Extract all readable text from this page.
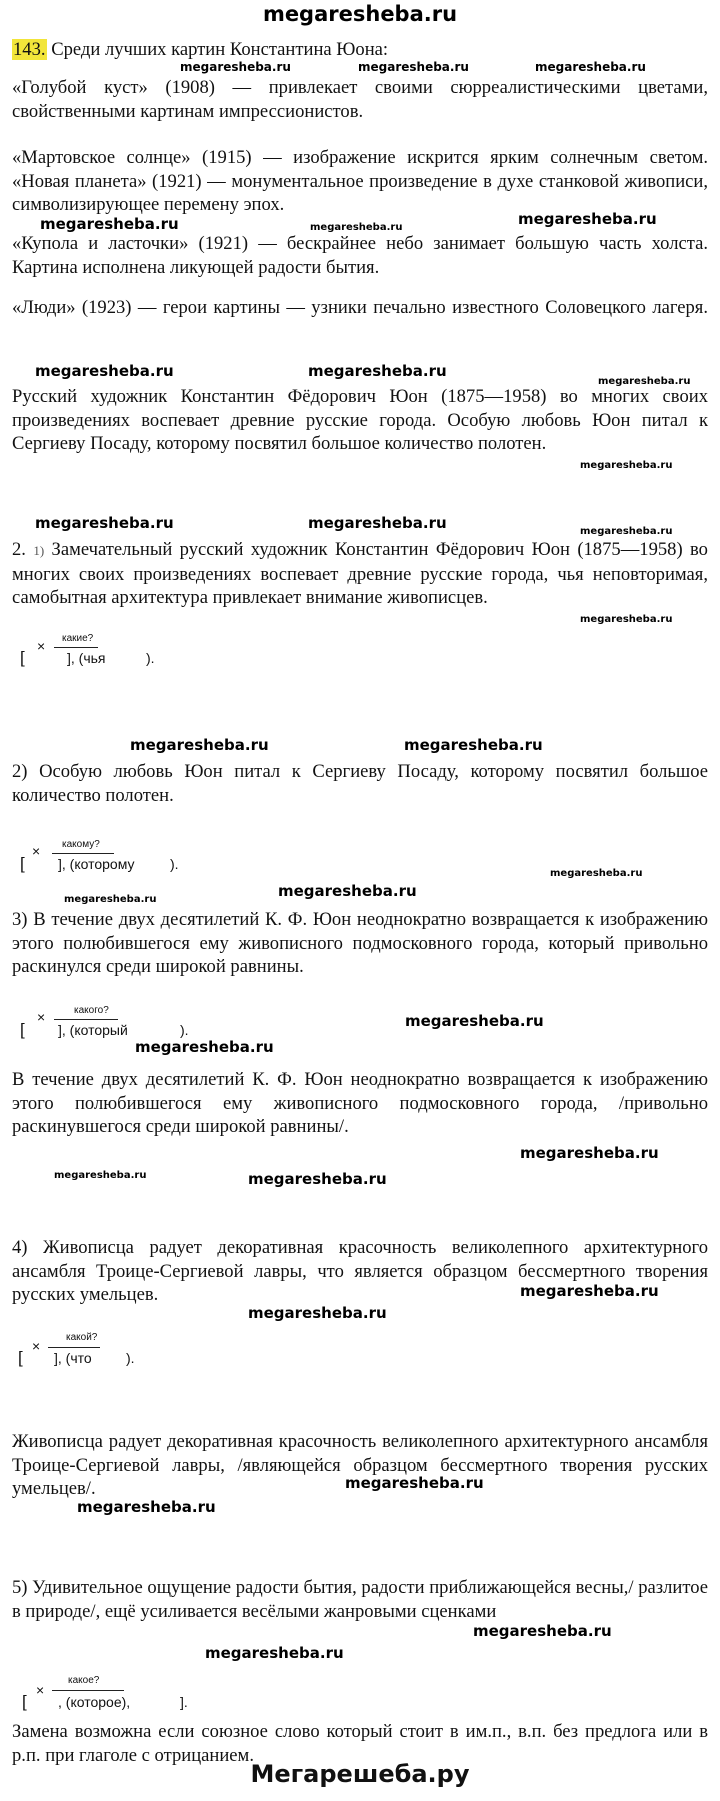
megaresheba.ru
143. Среди лучших картин Константина Юона:
megaresheba.ru	megaresheba.ru	megaresheba.ru
«Голубой куст» (1908) — привлекает своими сюрреалистическими цветами, свойственными картинам импрессионистов.
«Мартовское солнце» (1915) — изображение искрится ярким солнечным светом. «Новая планета» (1921) — монументальное произведение в духе станковой живописи, символизирующее перемену эпох.
megaresheba.ru	megaresheba.ru	megaresheba.ru
«Купола и ласточки» (1921) — бескрайнее небо занимает большую часть холста. Картина исполнена ликующей радости бытия.
«Люди» (1923) — герои картины — узники печально известного Соловецкого лагеря.
megaresheba.ru	megaresheba.ru
megaresheba.ru
Русский художник Константин Фёдорович Юон (1875—1958) во многих своих произведениях воспевает древние русские города. Особую любовь Юон питал к Сергиеву Посаду, которому посвятил большое количество полотен.
megaresheba.ru
megaresheba.ru	megaresheba.ru	megaresheba.ru
2. 1) Замечательный русский художник Константин Фёдорович Юон (1875—1958) во многих своих произведениях воспевает древние русские города, чья неповторимая, самобытная архитектура привлекает внимание живописцев.
megaresheba.ru
[
× какие?
], (чья	).
megaresheba.ru	megaresheba.ru
2) Особую любовь Юон питал к Сергиеву Посаду, которому посвятил большое количество полотен.
[
× какому?
], (которому	).
megaresheba.ru
megaresheba.ru
megaresheba.ru
3) В течение двух десятилетий К. Ф. Юон неоднократно возвращается к изображению этого полюбившегося ему живописного подмосковного города, который привольно раскинулся среди широкой равнины.
[
×	какого?
], (который	).	megaresheba.ru
megaresheba.ru
В течение двух десятилетий К. Ф. Юон неоднократно возвращается к изображению этого полюбившегося ему живописного подмосковного города, /привольно раскинувшегося среди широкой равнины/.
megaresheba.ru
megaresheba.ru	megaresheba.ru
4) Живописца радует декоративная красочность великолепного архитектурного ансамбля Троице-Сергиевой лавры, что является образцом бессмертного творения русских умельцев.	megaresheba.ru
megaresheba.ru
[
×
какой?
], (что ).
Живописца радует декоративная красочность великолепного архитектурного ансамбля Троице-Сергиевой лавры, /являющейся образцом бессмертного творения русских умельцев/.	megaresheba.ru
megaresheba.ru
5) Удивительное ощущение радости бытия, радости приближающейся весны,/ разлитое в природе/, ещё усиливается весёлыми жанровыми сценками
megaresheba.ru
megaresheba.ru
[
×
какое?
, (которое),	].
Замена возможна если союзное слово который стоит в им.п., в.п. без предлога или в р.п. при глаголе с отрицанием.
Мегарешеба.ру
